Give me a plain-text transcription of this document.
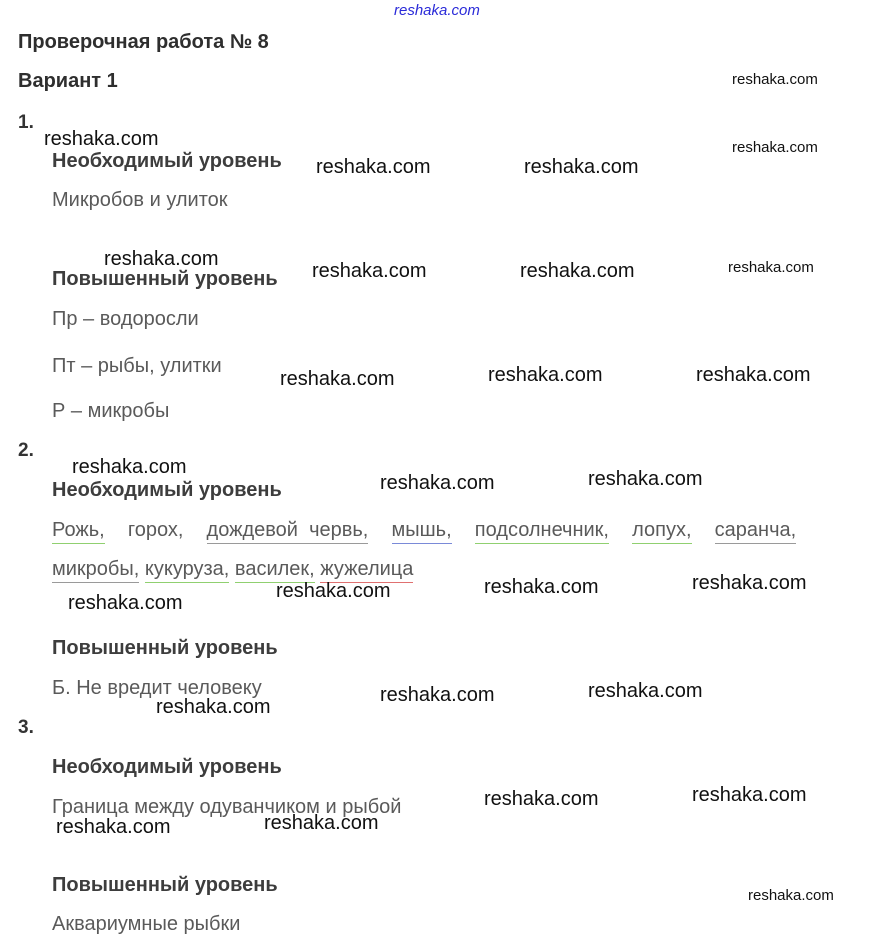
reshaka.com
Проверочная работа № 8
Вариант 1
1.
Необходимый уровень
Микробов и улиток
Повышенный уровень
Пр – водоросли
Пт – рыбы, улитки
Р – микробы
2.
Необходимый уровень
Рожь, горох, дождевой червь, мышь, подсолнечник, лопух, саранча,
микробы, кукуруза, василек, жужелица
Повышенный уровень
Б. Не вредит человеку
3.
Необходимый уровень
Граница между одуванчиком и рыбой
Повышенный уровень
Аквариумные рыбки
reshaka.com
reshaka.com	reshaka.com
reshaka.com	reshaka.com
reshaka.com
reshaka.com	reshaka.com	reshaka.com
reshaka.com	reshaka.com	reshaka.com
reshaka.com
reshaka.com	reshaka.com
reshaka.com
reshaka.com	reshaka.com	reshaka.com
reshaka.com
reshaka.com	reshaka.com
reshaka.com	reshaka.com
reshaka.com	reshaka.com
reshaka.com
